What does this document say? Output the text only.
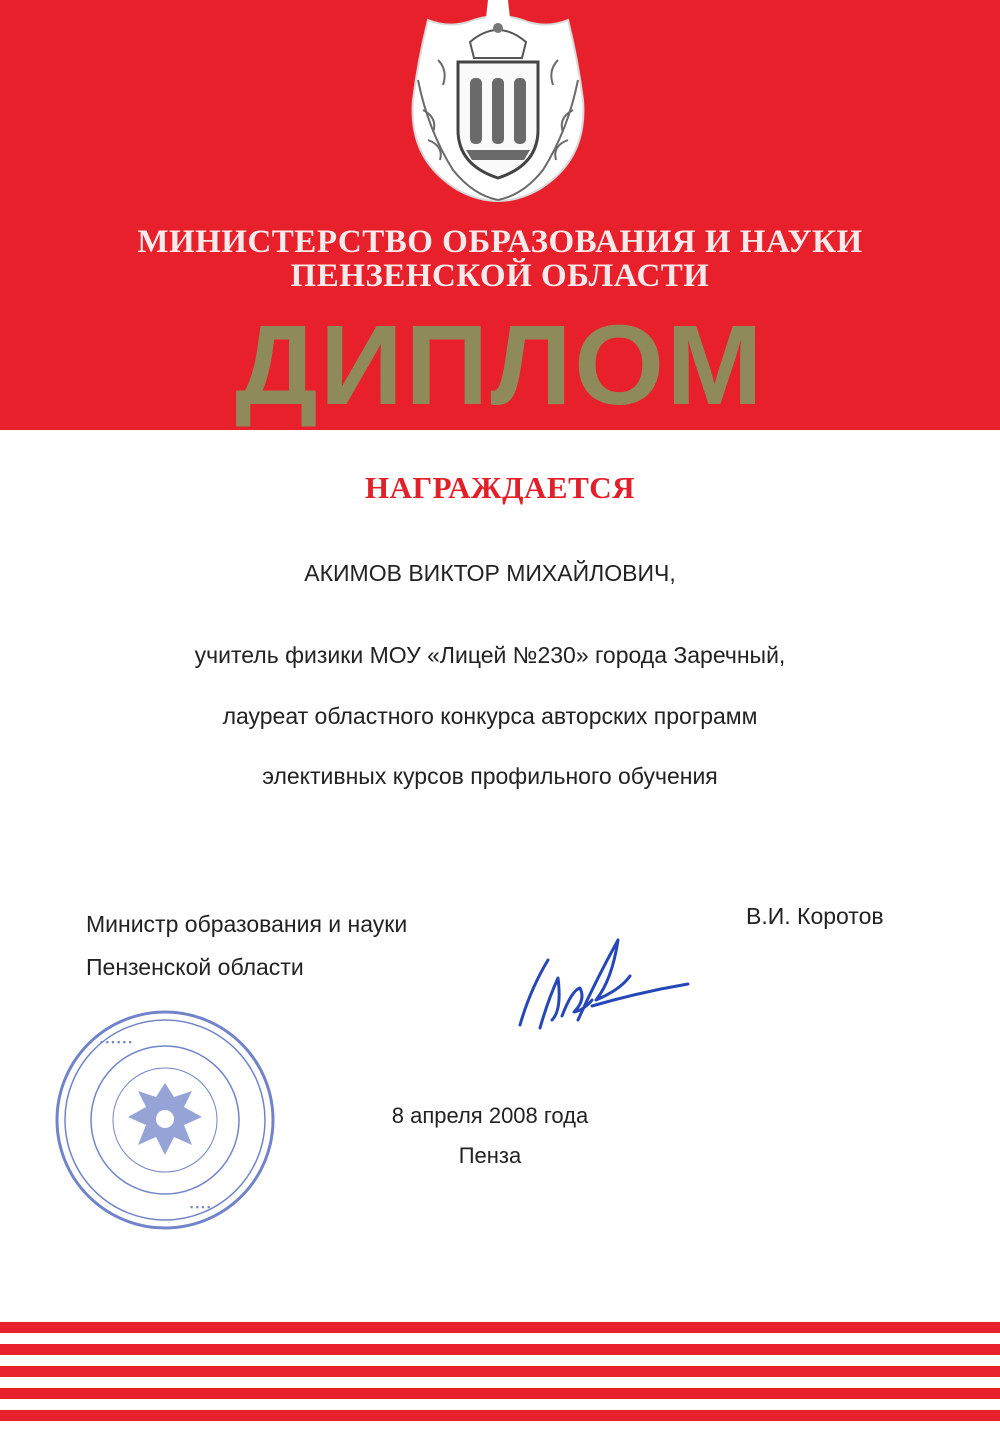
МИНИСТЕРСТВО ОБРАЗОВАНИЯ И НАУКИ
ПЕНЗЕНСКОЙ ОБЛАСТИ
ДИПЛОМ
НАГРАЖДАЕТСЯ
АКИМОВ ВИКТОР МИХАЙЛОВИЧ,
учитель физики МОУ «Лицей №230» города Заречный,
лауреат областного конкурса авторских программ
элективных курсов профильного обучения
Министр образования и науки
Пензенской области
В.И. Коротов
▪ ▪ ▪ ▪ ▪ ▪
▪ ▪ ▪ ▪
8 апреля 2008 года
Пенза
